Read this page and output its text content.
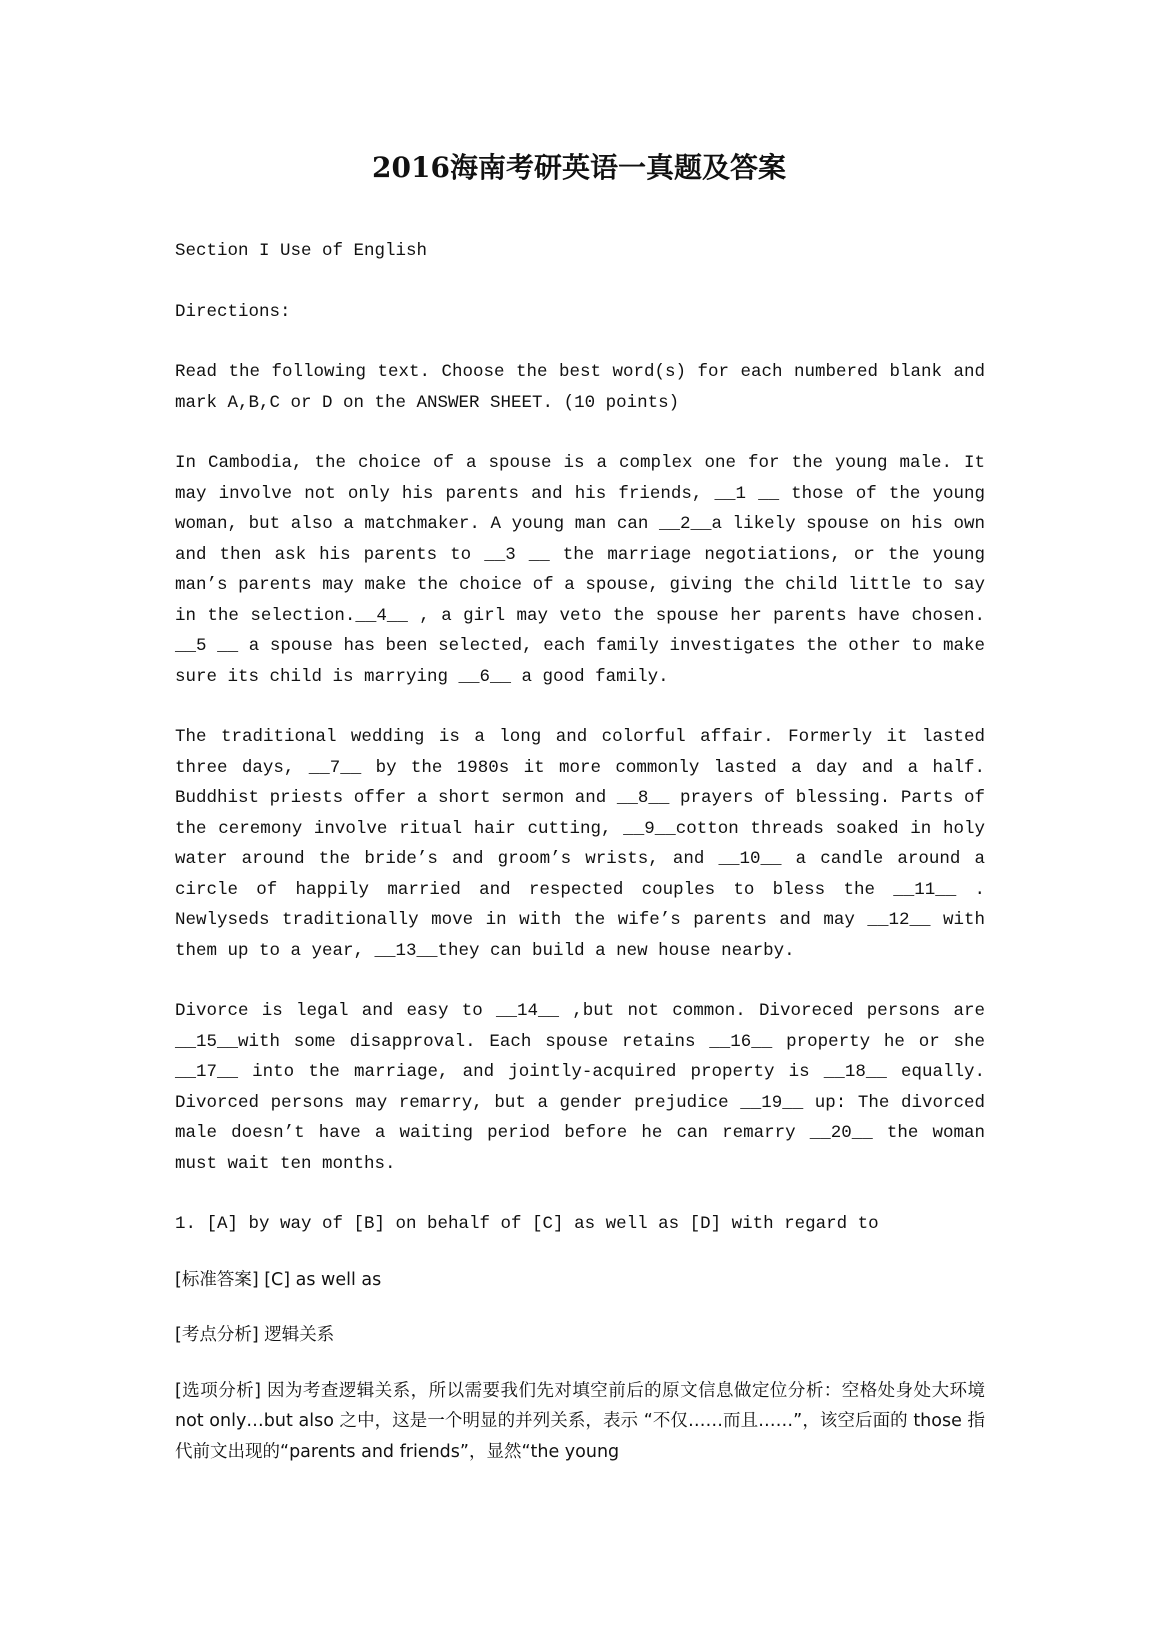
2016海南考研英语一真题及答案

Section I Use of English

Directions:

Read the following text. Choose the best word(s) for each numbered blank and mark A,B,C or D on the ANSWER SHEET. (10 points)

In Cambodia, the choice of a spouse is a complex one for the young male. It may involve not only his parents and his friends, __1 __ those of the young woman, but also a matchmaker. A young man can __2__a likely spouse on his own and then ask his parents to __3 __ the marriage negotiations, or the young man’s parents may make the choice of a spouse, giving the child little to say in the selection.__4__ , a girl may veto the spouse her parents have chosen. __5 __ a spouse has been selected, each family investigates the other to make sure its child is marrying __6__ a good family.

The traditional wedding is a long and colorful affair. Formerly it lasted three days, __7__ by the 1980s it more commonly lasted a day and a half. Buddhist priests offer a short sermon and __8__ prayers of blessing. Parts of the ceremony involve ritual hair cutting, __9__cotton threads soaked in holy water around the bride’s and groom’s wrists, and __10__ a candle around a circle of happily married and respected couples to bless the __11__ . Newlyseds traditionally move in with the wife’s parents and may __12__ with them up to a year, __13__they can build a new house nearby.

Divorce is legal and easy to __14__ ,but not common. Divoreced persons are __15__with some disapproval. Each spouse retains __16__ property he or she __17__ into the marriage, and jointly-acquired property is __18__ equally. Divorced persons may remarry, but a gender prejudice __19__ up: The divorced male doesn’t have a waiting period before he can remarry __20__ the woman must wait ten months.

1. [A] by way of [B] on behalf of [C] as well as [D] with regard to

[标准答案] [C] as well as

[考点分析] 逻辑关系

[选项分析] 因为考查逻辑关系，所以需要我们先对填空前后的原文信息做定位分析：空格处身处大环境 not only…but also 之中，这是一个明显的并列关系，表示 “不仅……而且……”，该空后面的 those 指代前文出现的“parents and friends”，显然“the young
